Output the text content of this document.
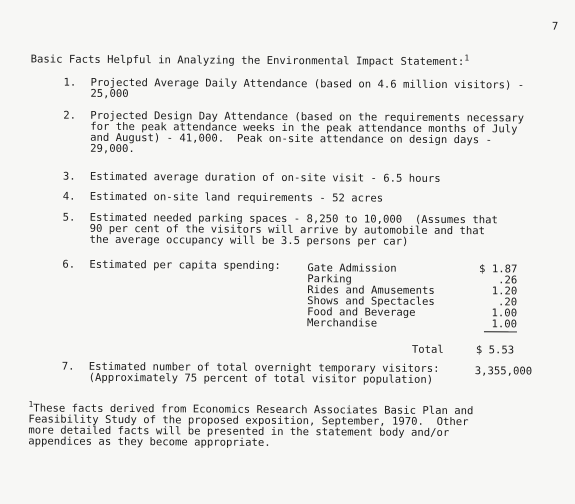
7
Basic Facts Helpful in Analyzing the Environmental Impact Statement:$^1$
1. Projected Average Daily Attendance (based on 4.6 million visitors) -
25,000
2. Projected Design Day Attendance (based on the requirements necessary
for the peak attendance weeks in the peak attendance months of July
and August) - 41,000.  Peak on-site attendance on design days -
29,000.
3. Estimated average duration of on-site visit - 6.5 hours
4. Estimated on-site land requirements - 52 acres
5. Estimated needed parking spaces - 8,250 to 10,000  (Assumes that
90 per cent of the visitors will arrive by automobile and that
the average occupancy will be 3.5 persons per car)
6. Estimated per capita spending:	Gate Admission	$ 1.87
Parking	.26
Rides and Amusements	1.20
Shows and Spectacles	.20
Food and Beverage	1.00
Merchandise	1.00
Total	$ 5.53
7. Estimated number of total overnight temporary visitors:
(Approximately 75 percent of total visitor population)
3,355,000
$^1$These facts derived from Economics Research Associates Basic Plan and
Feasibility Study of the proposed exposition, September, 1970.  Other
more detailed facts will be presented in the statement body and/or
appendices as they become appropriate.
